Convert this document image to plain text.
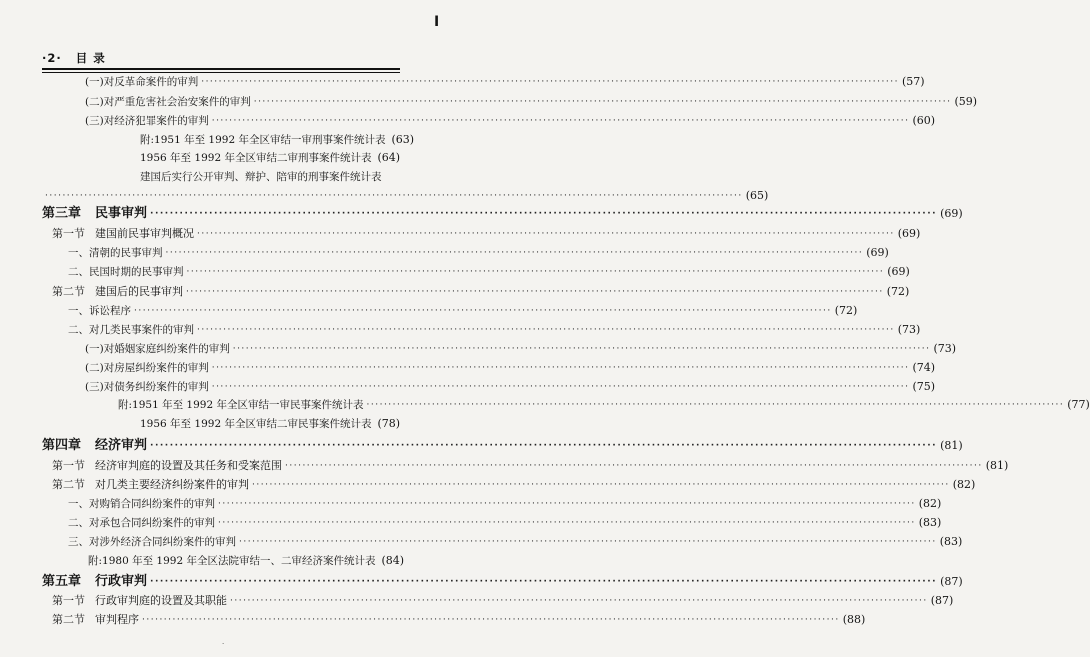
I
·2· 目 录
(一)对反革命案件的审判 ································································································································································ (57)
(二)对严重危害社会治安案件的审判 ································································································································································ (59)
(三)对经济犯罪案件的审判 ································································································································································ (60)
附:1951 年至 1992 年全区审结一审刑事案件统计表 (63)
1956 年至 1992 年全区审结二审刑事案件统计表 (64)
建国后实行公开审判、辩护、陪审的刑事案件统计表
································································································································································ (65)
第三章 民事审判 ································································································································································ (69)
第一节 建国前民事审判概况 ································································································································································ (69)
一、清朝的民事审判 ································································································································································ (69)
二、民国时期的民事审判 ································································································································································ (69)
第二节 建国后的民事审判 ································································································································································ (72)
一、诉讼程序 ································································································································································ (72)
二、对几类民事案件的审判 ································································································································································ (73)
(一)对婚姻家庭纠纷案件的审判 ································································································································································ (73)
(二)对房屋纠纷案件的审判 ································································································································································ (74)
(三)对债务纠纷案件的审判 ································································································································································ (75)
附:1951 年至 1992 年全区审结一审民事案件统计表 ································································································································································ (77)
1956 年至 1992 年全区审结二审民事案件统计表 (78)
第四章 经济审判 ································································································································································ (81)
第一节 经济审判庭的设置及其任务和受案范围 ································································································································································ (81)
第二节 对几类主要经济纠纷案件的审判 ································································································································································ (82)
一、对购销合同纠纷案件的审判 ································································································································································ (82)
二、对承包合同纠纷案件的审判 ································································································································································ (83)
三、对涉外经济合同纠纷案件的审判 ································································································································································ (83)
附:1980 年至 1992 年全区法院审结一、二审经济案件统计表 (84)
第五章 行政审判 ································································································································································ (87)
第一节 行政审判庭的设置及其职能 ································································································································································ (87)
第二节 审判程序 ································································································································································ (88)
·
